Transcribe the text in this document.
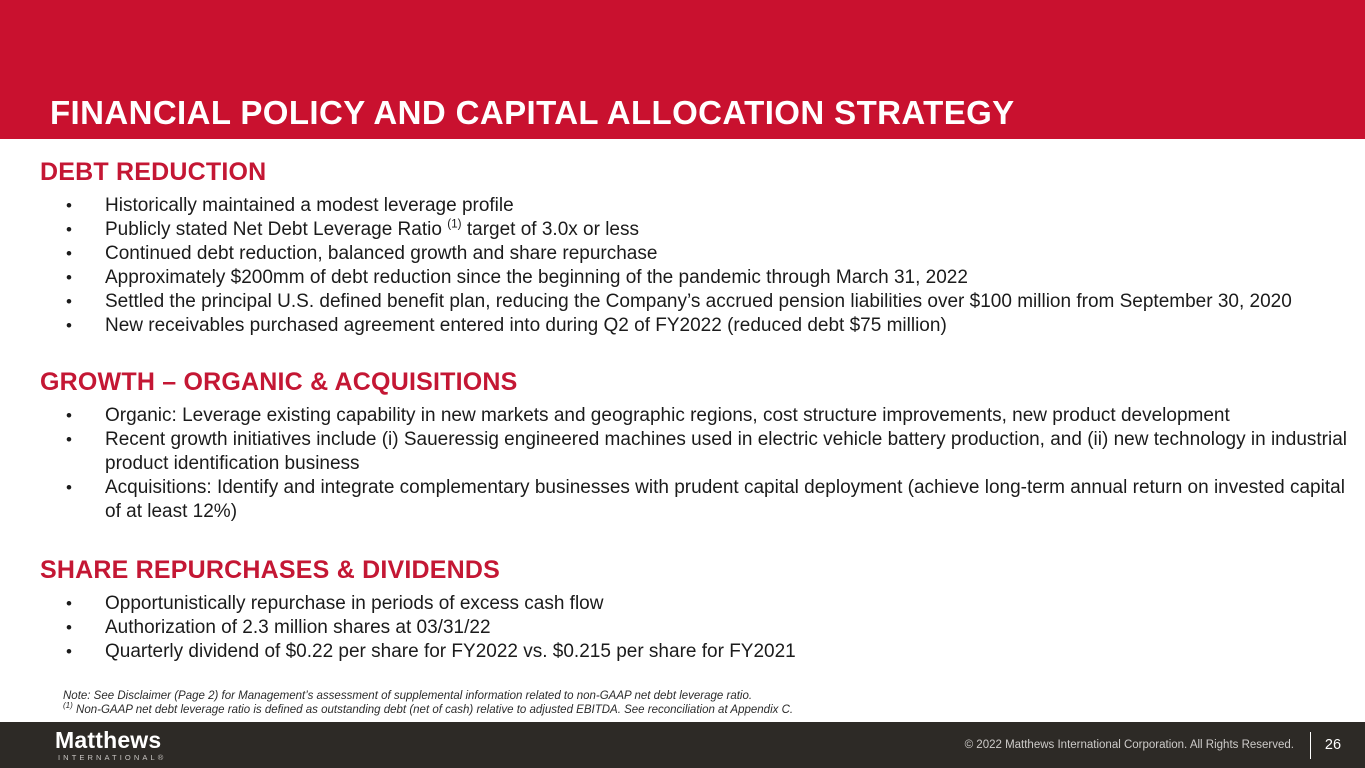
FINANCIAL POLICY AND CAPITAL ALLOCATION STRATEGY
DEBT REDUCTION
•	Historically maintained a modest leverage profile
•	Publicly stated Net Debt Leverage Ratio $^{(1)}$ target of 3.0x or less
•	Continued debt reduction, balanced growth and share repurchase
•	Approximately $200mm of debt reduction since the beginning of the pandemic through March 31, 2022
•	Settled the principal U.S. defined benefit plan, reducing the Company’s accrued pension liabilities over $100 million from September 30, 2020
•	New receivables purchased agreement entered into during Q2 of FY2022 (reduced debt $75 million)
GROWTH – ORGANIC & ACQUISITIONS
•	Organic: Leverage existing capability in new markets and geographic regions, cost structure improvements, new product development
•	Recent growth initiatives include (i) Saueressig engineered machines used in electric vehicle battery production, and (ii) new technology in industrial product identification business
•	Acquisitions: Identify and integrate complementary businesses with prudent capital deployment (achieve long-term annual return on invested capital of at least 12%)
SHARE REPURCHASES & DIVIDENDS
•	Opportunistically repurchase in periods of excess cash flow
•	Authorization of 2.3 million shares at 03/31/22
•	Quarterly dividend of $0.22 per share for FY2022 vs. $0.215 per share for FY2021
Note: See Disclaimer (Page 2) for Management’s assessment of supplemental information related to non-GAAP net debt leverage ratio.
$^{(1)}$ Non-GAAP net debt leverage ratio is defined as outstanding debt (net of cash) relative to adjusted EBITDA. See reconciliation at Appendix C.
Matthews
INTERNATIONAL®
© 2022 Matthews International Corporation. All Rights Reserved.	26
